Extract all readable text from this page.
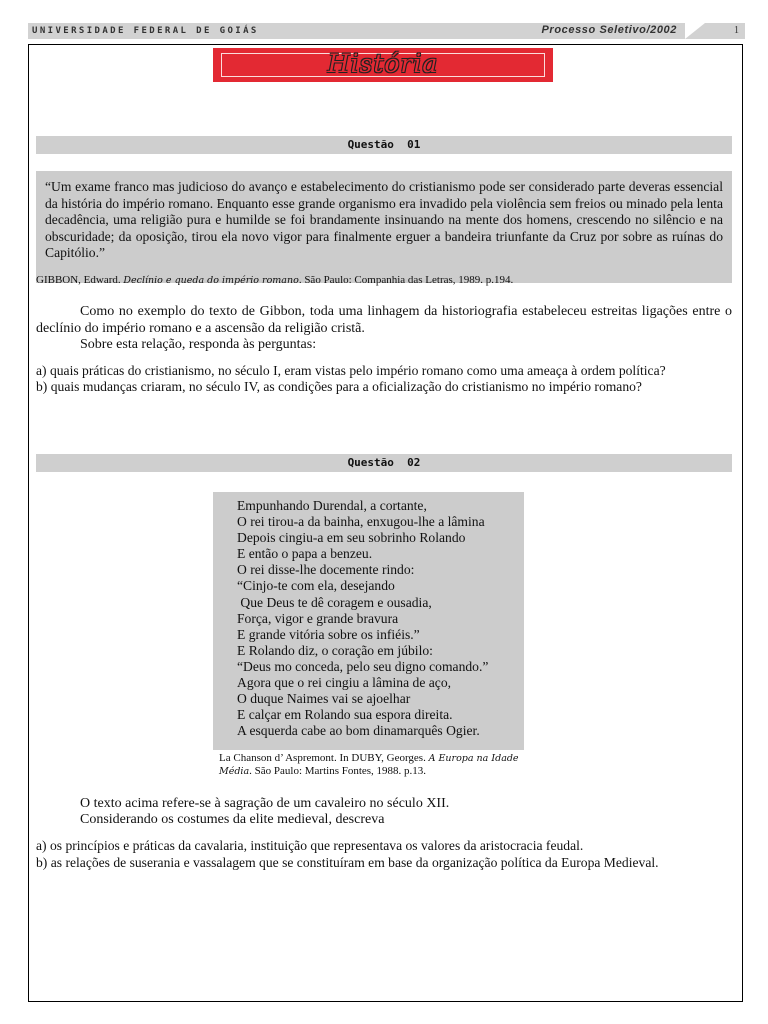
UNIVERSIDADE FEDERAL DE GOIÁS	Processo Seletivo/2002	1
História
Questão  01
“Um exame franco mas judicioso do avanço e estabelecimento do cristianismo pode ser considerado parte deveras essencial da história do império romano. Enquanto esse grande organismo era invadido pela violência sem freios ou minado pela lenta decadência, uma religião pura e humilde se foi brandamente insinuando na mente dos homens, crescendo no silêncio e na obscuridade; da oposição, tirou ela novo vigor para finalmente erguer a bandeira triunfante da Cruz por sobre as ruínas do Capitólio.”
GIBBON, Edward. Declínio e queda do império romano. São Paulo: Companhia das Letras, 1989. p.194.
Como no exemplo do texto de Gibbon, toda uma linhagem da historiografia estabeleceu estreitas ligações entre o declínio do império romano e a ascensão da religião cristã.
Sobre esta relação, responda às perguntas:
a) quais práticas do cristianismo, no século I, eram vistas pelo império romano como uma ameaça à ordem política?
b) quais mudanças criaram, no século IV, as condições para a oficialização do cristianismo no império romano?
Questão  02
Empunhando Durendal, a cortante,
O rei tirou-a da bainha, enxugou-lhe a lâmina
Depois cingiu-a em seu sobrinho Rolando
E então o papa a benzeu.
O rei disse-lhe docemente rindo:
“Cinjo-te com ela, desejando
Que Deus te dê coragem e ousadia,
Força, vigor e grande bravura
E grande vitória sobre os infiéis.”
E Rolando diz, o coração em júbilo:
“Deus mo conceda, pelo seu digno comando.”
Agora que o rei cingiu a lâmina de aço,
O duque Naimes vai se ajoelhar
E calçar em Rolando sua espora direita.
A esquerda cabe ao bom dinamarquês Ogier.
La Chanson d’ Aspremont. In DUBY, Georges. A Europa na Idade Média. São Paulo: Martins Fontes, 1988. p.13.
O texto acima refere-se à sagração de um cavaleiro no século XII.
Considerando os costumes da elite medieval, descreva
a) os princípios e práticas da cavalaria, instituição que representava os valores da aristocracia feudal.
b) as relações de suserania e vassalagem que se constituíram em base da organização política da Europa Medieval.
